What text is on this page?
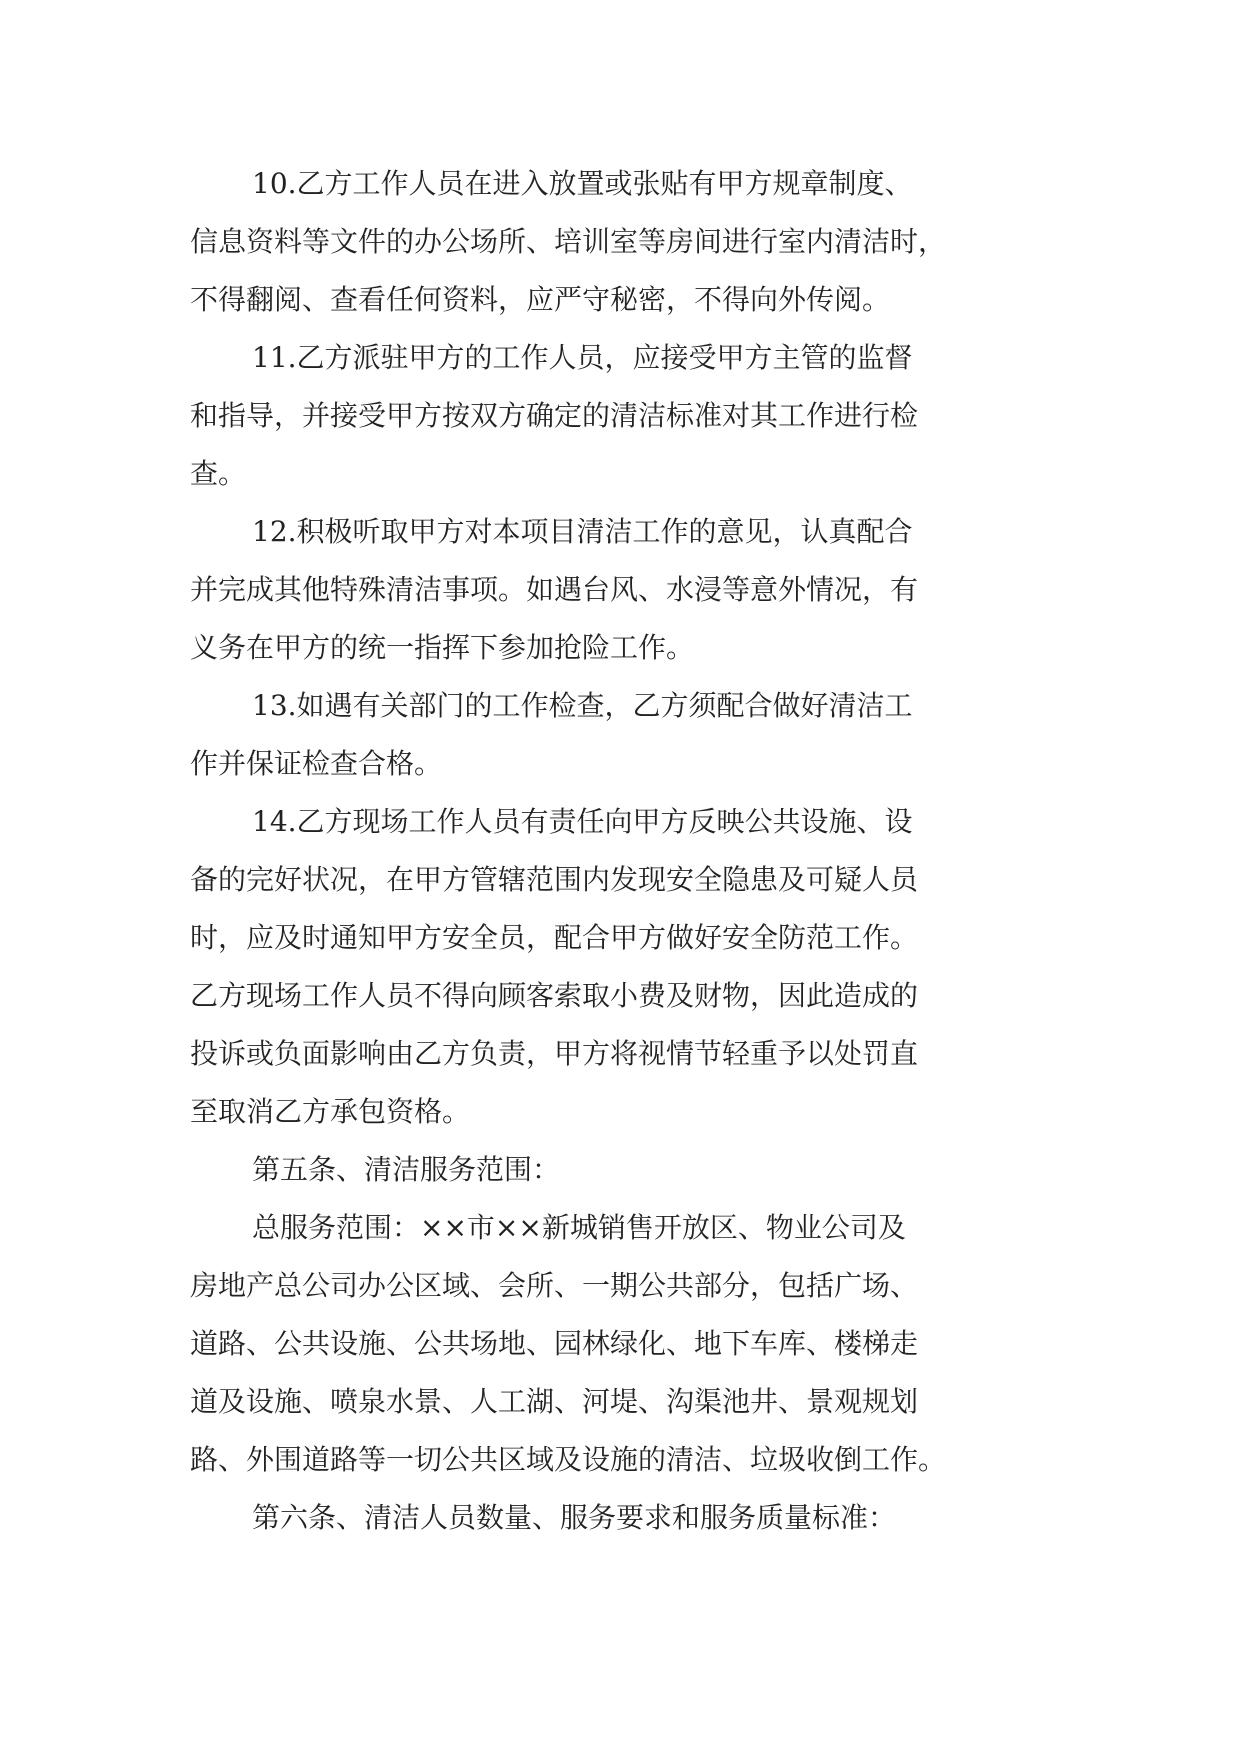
10.乙方工作人员在进入放置或张贴有甲方规章制度、

信息资料等文件的办公场所、培训室等房间进行室内清洁时，

不得翻阅、查看任何资料，应严守秘密，不得向外传阅。

11.乙方派驻甲方的工作人员，应接受甲方主管的监督

和指导，并接受甲方按双方确定的清洁标准对其工作进行检

查。

12.积极听取甲方对本项目清洁工作的意见，认真配合

并完成其他特殊清洁事项。如遇台风、水浸等意外情况，有

义务在甲方的统一指挥下参加抢险工作。

13.如遇有关部门的工作检查，乙方须配合做好清洁工

作并保证检查合格。

14.乙方现场工作人员有责任向甲方反映公共设施、设

备的完好状况，在甲方管辖范围内发现安全隐患及可疑人员

时，应及时通知甲方安全员，配合甲方做好安全防范工作。

乙方现场工作人员不得向顾客索取小费及财物，因此造成的

投诉或负面影响由乙方负责，甲方将视情节轻重予以处罚直

至取消乙方承包资格。

第五条、清洁服务范围：

总服务范围：××市××新城销售开放区、物业公司及

房地产总公司办公区域、会所、一期公共部分，包括广场、

道路、公共设施、公共场地、园林绿化、地下车库、楼梯走

道及设施、喷泉水景、人工湖、河堤、沟渠池井、景观规划

路、外围道路等一切公共区域及设施的清洁、垃圾收倒工作。

第六条、清洁人员数量、服务要求和服务质量标准：
